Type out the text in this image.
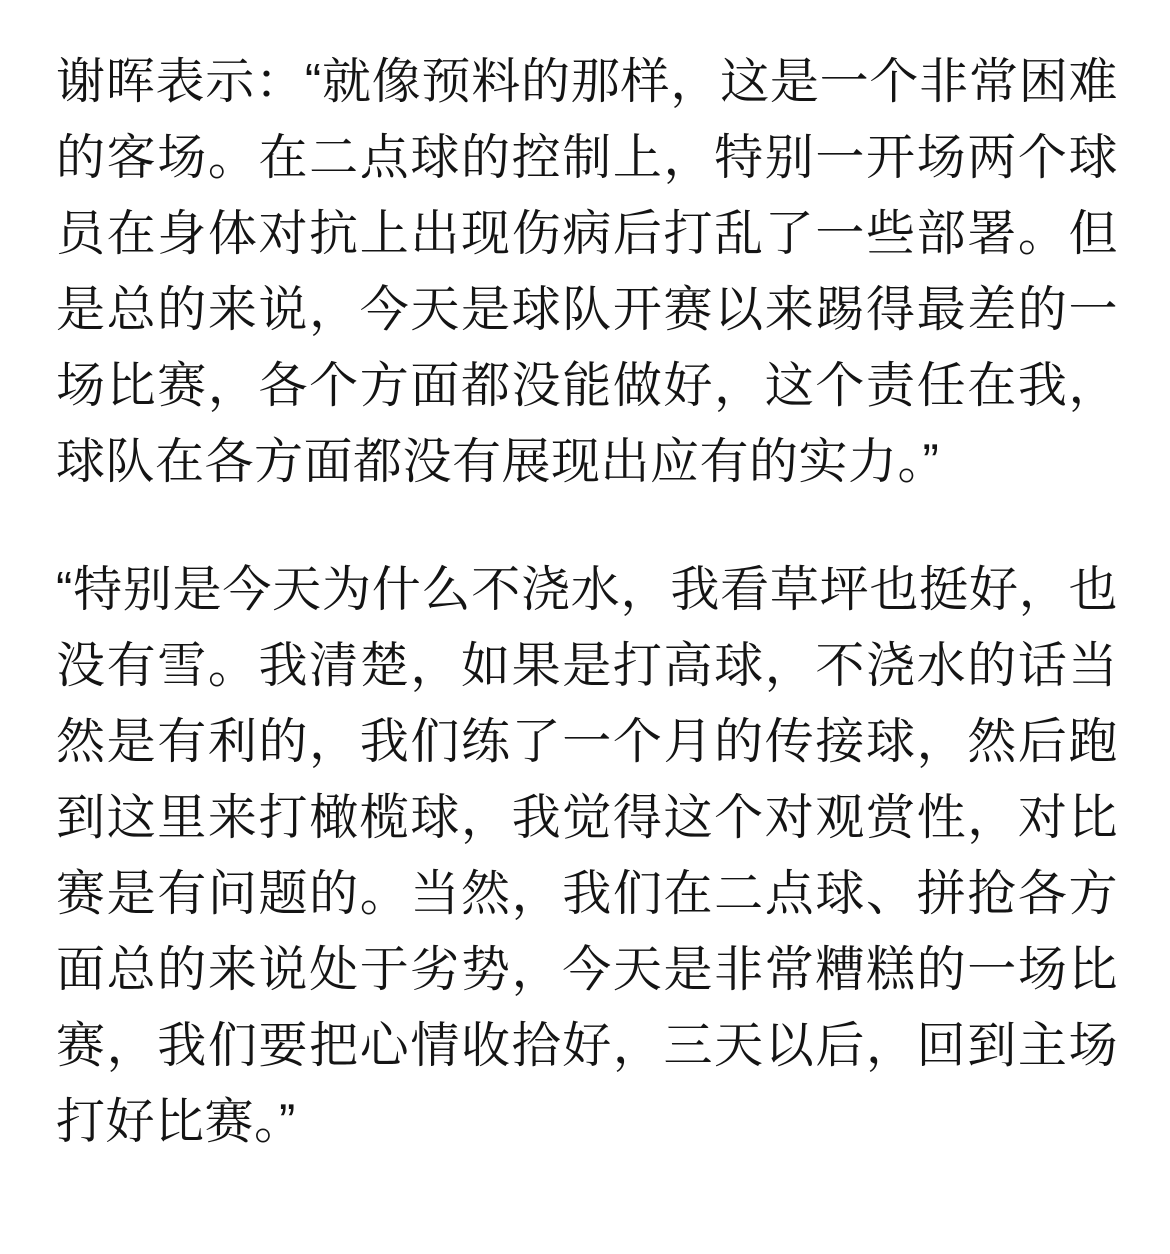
谢晖表示：“就像预料的那样，这是一个非常困难的客场。在二点球的控制上，特别一开场两个球员在身体对抗上出现伤病后打乱了一些部署。但是总的来说，今天是球队开赛以来踢得最差的一场比赛，各个方面都没能做好，这个责任在我，球队在各方面都没有展现出应有的实力。”

“特别是今天为什么不浇水，我看草坪也挺好，也没有雪。我清楚，如果是打高球，不浇水的话当然是有利的，我们练了一个月的传接球，然后跑到这里来打橄榄球，我觉得这个对观赏性，对比赛是有问题的。当然，我们在二点球、拼抢各方面总的来说处于劣势，今天是非常糟糕的一场比赛，我们要把心情收拾好，三天以后，回到主场打好比赛。”
